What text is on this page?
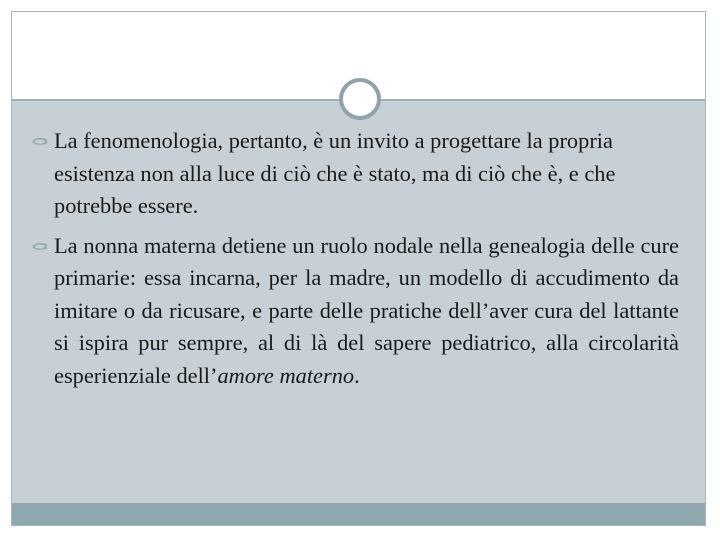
La fenomenologia, pertanto, è un invito a progettare la propria esistenza non alla luce di ciò che è stato, ma di ciò che è, e che potrebbe essere.

La nonna materna detiene un ruolo nodale nella genealogia delle cure primarie: essa incarna, per la madre, un modello di accudimento da imitare o da ricusare, e parte delle pratiche dell’aver cura del lattante si ispira pur sempre, al di là del sapere pediatrico, alla circolarità esperienziale dell’amore materno.
